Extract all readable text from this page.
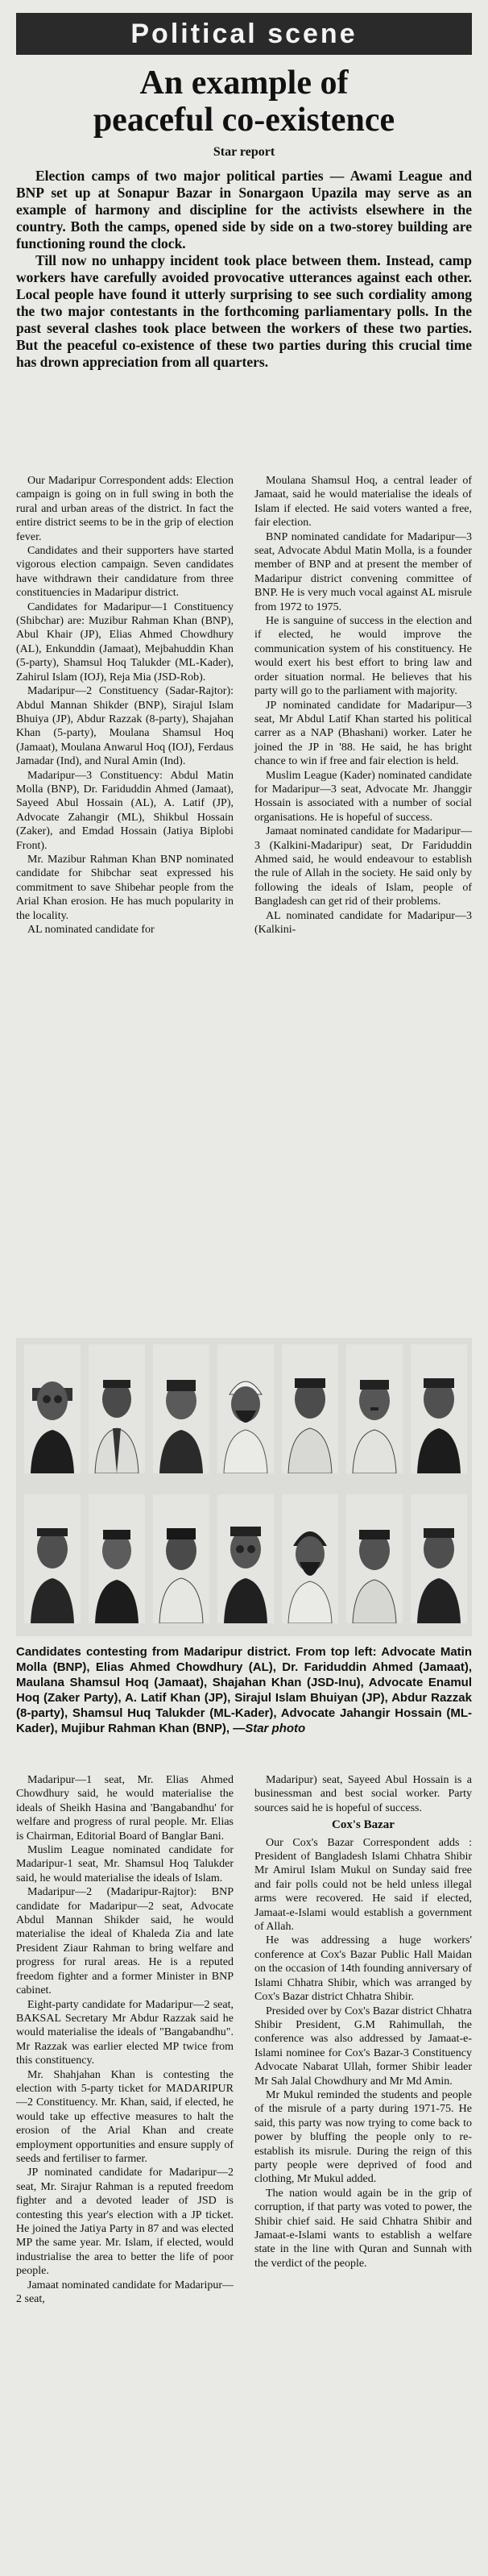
Political scene
An example of
peaceful co-existence
Star report

Election camps of two major political parties — Awami League and BNP set up at Sonapur Bazar in Sonargaon Upazila may serve as an example of harmony and discipline for the activists elsewhere in the country. Both the camps, opened side by side on a two-storey building are functioning round the clock.

Till now no unhappy incident took place between them. Instead, camp workers have carefully avoided provocative utterances against each other. Local people have found it utterly surprising to see such cordiality among the two major contestants in the forthcoming parliamentary polls. In the past several clashes took place between the workers of these two parties. But the peaceful co-existence of these two parties during this crucial time has drown appreciation from all quarters.

Our Madaripur Correspondent adds: Election campaign is going on in full swing in both the rural and urban areas of the district. In fact the entire district seems to be in the grip of election fever.

Candidates and their supporters have started vigorous election campaign. Seven candidates have withdrawn their candidature from three constituencies in Madaripur district.

Candidates for Madaripur—1 Constituency (Shibchar) are: Muzibur Rahman Khan (BNP), Abul Khair (JP), Elias Ahmed Chowdhury (AL), Enkunddin (Jamaat), Mejbahuddin Khan (5-party), Shamsul Hoq Talukder (ML-Kader), Zahirul Islam (IOJ), Reja Mia (JSD-Rob).

Madaripur—2 Constituency (Sadar-Rajtor): Abdul Mannan Shikder (BNP), Sirajul Islam Bhuiya (JP), Abdur Razzak (8-party), Shajahan Khan (5-party), Moulana Shamsul Hoq (Jamaat), Moulana Anwarul Hoq (IOJ), Ferdaus Jamadar (Ind), and Nural Amin (Ind).

Madaripur—3 Constituency: Abdul Matin Molla (BNP), Dr. Fariduddin Ahmed (Jamaat), Sayeed Abul Hossain (AL), A. Latif (JP), Advocate Zahangir (ML), Shikbul Hossain (Zaker), and Emdad Hossain (Jatiya Biplobi Front).

Mr. Mazibur Rahman Khan BNP nominated candidate for Shibchar seat expressed his commitment to save Shibehar people from the Arial Khan erosion. He has much popularity in the locality.

AL nominated candidate for

Moulana Shamsul Hoq, a central leader of Jamaat, said he would materialise the ideals of Islam if elected. He said voters wanted a free, fair election.

BNP nominated candidate for Madaripur—3 seat, Advocate Abdul Matin Molla, is a founder member of BNP and at present the member of Madaripur district convening committee of BNP. He is very much vocal against AL misrule from 1972 to 1975.

He is sanguine of success in the election and if elected, he would improve the communication system of his constituency. He would exert his best effort to bring law and order situation normal. He believes that his party will go to the parliament with majority.

JP nominated candidate for Madaripur—3 seat, Mr Abdul Latif Khan started his political carrer as a NAP (Bhashani) worker. Later he joined the JP in '88. He said, he has bright chance to win if free and fair election is held.

Muslim League (Kader) nominated candidate for Madaripur—3 seat, Advocate Mr. Jhanggir Hossain is associated with a number of social organisations. He is hopeful of success.

Jamaat nominated candidate for Madaripur—3 (Kalkini-Madaripur) seat, Dr Fariduddin Ahmed said, he would endeavour to establish the rule of Allah in the society. He said only by following the ideals of Islam, people of Bangladesh can get rid of their problems.

AL nominated candidate for Madaripur—3 (Kalkini-

Candidates contesting from Madaripur district. From top left: Advocate Matin Molla (BNP), Elias Ahmed Chowdhury (AL), Dr. Fariduddin Ahmed (Jamaat), Maulana Shamsul Hoq (Jamaat), Shajahan Khan (JSD-Inu), Advocate Enamul Hoq (Zaker Party), A. Latif Khan (JP), Sirajul Islam Bhuiyan (JP), Abdur Razzak (8-party), Shamsul Huq Talukder (ML-Kader), Advocate Jahangir Hossain (ML-Kader), Mujibur Rahman Khan (BNP), —Star photo

Madaripur—1 seat, Mr. Elias Ahmed Chowdhury said, he would materialise the ideals of Sheikh Hasina and 'Bangabandhu' for welfare and progress of rural people. Mr. Elias is Chairman, Editorial Board of Banglar Bani.

Muslim League nominated candidate for Madaripur-1 seat, Mr. Shamsul Hoq Talukder said, he would materialise the ideals of Islam.

Madaripur—2 (Madaripur-Rajtor): BNP candidate for Madaripur—2 seat, Advocate Abdul Mannan Shikder said, he would materialise the ideal of Khaleda Zia and late President Ziaur Rahman to bring welfare and progress for rural areas. He is a reputed freedom fighter and a former Minister in BNP cabinet.

Eight-party candidate for Madaripur—2 seat, BAKSAL Secretary Mr Abdur Razzak said he would materialise the ideals of "Bangabandhu". Mr Razzak was earlier elected MP twice from this constituency.

Mr. Shahjahan Khan is contesting the election with 5-party ticket for MADARIPUR—2 Constituency. Mr. Khan, said, if elected, he would take up effective measures to halt the erosion of the Arial Khan and create employment opportunities and ensure supply of seeds and fertiliser to farmer.

JP nominated candidate for Madaripur—2 seat, Mr. Sirajur Rahman is a reputed freedom fighter and a devoted leader of JSD is contesting this year's election with a JP ticket. He joined the Jatiya Party in 87 and was elected MP the same year. Mr. Islam, if elected, would industrialise the area to better the life of poor people.

Jamaat nominated candidate for Madaripur—2 seat,

Madaripur) seat, Sayeed Abul Hossain is a businessman and best social worker. Party sources said he is hopeful of success.

Cox's Bazar

Our Cox's Bazar Correspondent adds : President of Bangladesh Islami Chhatra Shibir Mr Amirul Islam Mukul on Sunday said free and fair polls could not be held unless illegal arms were recovered. He said if elected, Jamaat-e-Islami would establish a government of Allah.

He was addressing a huge workers' conference at Cox's Bazar Public Hall Maidan on the occasion of 14th founding anniversary of Islami Chhatra Shibir, which was arranged by Cox's Bazar district Chhatra Shibir.

Presided over by Cox's Bazar district Chhatra Shibir President, G.M Rahimullah, the conference was also addressed by Jamaat-e-Islami nominee for Cox's Bazar-3 Constituency Advocate Nabarat Ullah, former Shibir leader Mr Sah Jalal Chowdhury and Mr Md Amin.

Mr Mukul reminded the students and people of the misrule of a party during 1971-75. He said, this party was now trying to come back to power by bluffing the people only to re-establish its misrule. During the reign of this party people were deprived of food and clothing, Mr Mukul added.

The nation would again be in the grip of corruption, if that party was voted to power, the Shibir chief said. He said Chhatra Shibir and Jamaat-e-Islami wants to establish a welfare state in the line with Quran and Sunnah with the verdict of the people.
